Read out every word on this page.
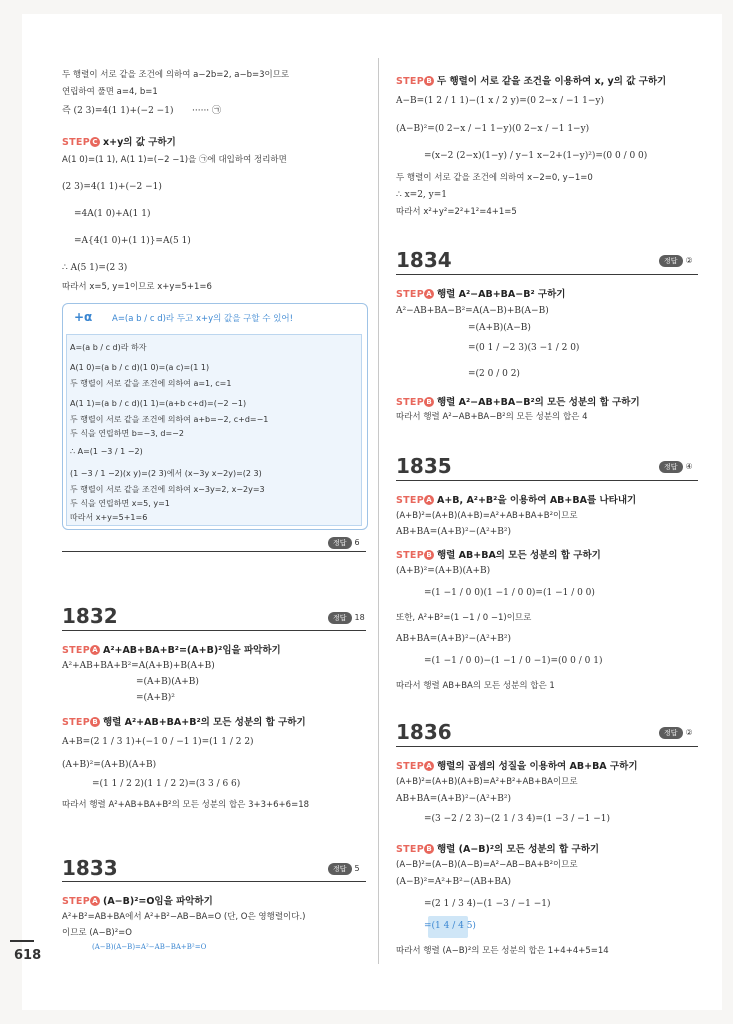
두 행렬이 서로 같을 조건에 의하여 a−2b=2, a−b=3이므로
연립하여 풀면 a=4, b=1
즉 (2 3)=4(1 1)+(−2 −1) ······ ㉠
STEP C x+y의 값 구하기
A(1 0)=(1 1), A(1 1)=(−2 −1)을 ㉠에 대입하여 정리하면
(2 3)=4(1 1)+(−2 −1)
=4A(1 0)+A(1 1)
=A{4(1 0)+(1 1)}=A(5 1)
∴ A(5 1)=(2 3)
따라서 x=5, y=1이므로 x+y=5+1=6
+α A=(a b / c d)라 두고 x+y의 값을 구할 수 있어!
A=(a b / c d)라 하자
A(1 0)=(a b / c d)(1 0)=(a c)=(1 1)
두 행렬이 서로 같을 조건에 의하여 a=1, c=1
A(1 1)=(a b / c d)(1 1)=(a+b c+d)=(−2 −1)
두 행렬이 서로 같을 조건에 의하여 a+b=−2, c+d=−1
두 식을 연립하면 b=−3, d=−2
∴ A=(1 −3 / 1 −2)
(1 −3 / 1 −2)(x y)=(2 3)에서 (x−3y x−2y)=(2 3)
두 행렬이 서로 같을 조건에 의하여 x−3y=2, x−2y=3
두 식을 연립하면 x=5, y=1
따라서 x+y=5+1=6
정답 6
1832	정답 18
STEP A A²+AB+BA+B²=(A+B)²임을 파악하기
A²+AB+BA+B²=A(A+B)+B(A+B)
=(A+B)(A+B)
=(A+B)²
STEP B 행렬 A²+AB+BA+B²의 모든 성분의 합 구하기
A+B=(2 1 / 3 1)+(−1 0 / −1 1)=(1 1 / 2 2)
(A+B)²=(A+B)(A+B)
=(1 1 / 2 2)(1 1 / 2 2)=(3 3 / 6 6)
따라서 행렬 A²+AB+BA+B²의 모든 성분의 합은 3+3+6+6=18
1833	정답 5
STEP A (A−B)²=O임을 파악하기
A²+B²=AB+BA에서 A²+B²−AB−BA=O (단, O은 영행렬이다.)
이므로 (A−B)²=O
(A−B)(A−B)=A²−AB−BA+B²=O
STEP B 두 행렬이 서로 같을 조건을 이용하여 x, y의 값 구하기
A−B=(1 2 / 1 1)−(1 x / 2 y)=(0 2−x / −1 1−y)
(A−B)²=(0 2−x / −1 1−y)(0 2−x / −1 1−y)
=(x−2 (2−x)(1−y) / y−1 x−2+(1−y)²)=(0 0 / 0 0)
두 행렬이 서로 같을 조건에 의하여 x−2=0, y−1=0
∴ x=2, y=1
따라서 x²+y²=2²+1²=4+1=5
1834	정답 ②
STEP A 행렬 A²−AB+BA−B² 구하기
A²−AB+BA−B²=A(A−B)+B(A−B)
=(A+B)(A−B)
=(0 1 / −2 3)(3 −1 / 2 0)
=(2 0 / 0 2)
STEP B 행렬 A²−AB+BA−B²의 모든 성분의 합 구하기
따라서 행렬 A²−AB+BA−B²의 모든 성분의 합은 4
1835	정답 ④
STEP A A+B, A²+B²을 이용하여 AB+BA를 나타내기
(A+B)²=(A+B)(A+B)=A²+AB+BA+B²이므로
AB+BA=(A+B)²−(A²+B²)
STEP B 행렬 AB+BA의 모든 성분의 합 구하기
(A+B)²=(A+B)(A+B)
=(1 −1 / 0 0)(1 −1 / 0 0)=(1 −1 / 0 0)
또한, A²+B²=(1 −1 / 0 −1)이므로
AB+BA=(A+B)²−(A²+B²)
=(1 −1 / 0 0)−(1 −1 / 0 −1)=(0 0 / 0 1)
따라서 행렬 AB+BA의 모든 성분의 합은 1
1836	정답 ②
STEP A 행렬의 곱셈의 성질을 이용하여 AB+BA 구하기
(A+B)²=(A+B)(A+B)=A²+B²+AB+BA이므로
AB+BA=(A+B)²−(A²+B²)
=(3 −2 / 2 3)−(2 1 / 3 4)=(1 −3 / −1 −1)
STEP B 행렬 (A−B)²의 모든 성분의 합 구하기
(A−B)²=(A−B)(A−B)=A²−AB−BA+B²이므로
(A−B)²=A²+B²−(AB+BA)
=(2 1 / 3 4)−(1 −3 / −1 −1)
=(1 4 / 4 5)
따라서 행렬 (A−B)²의 모든 성분의 합은 1+4+4+5=14
618
